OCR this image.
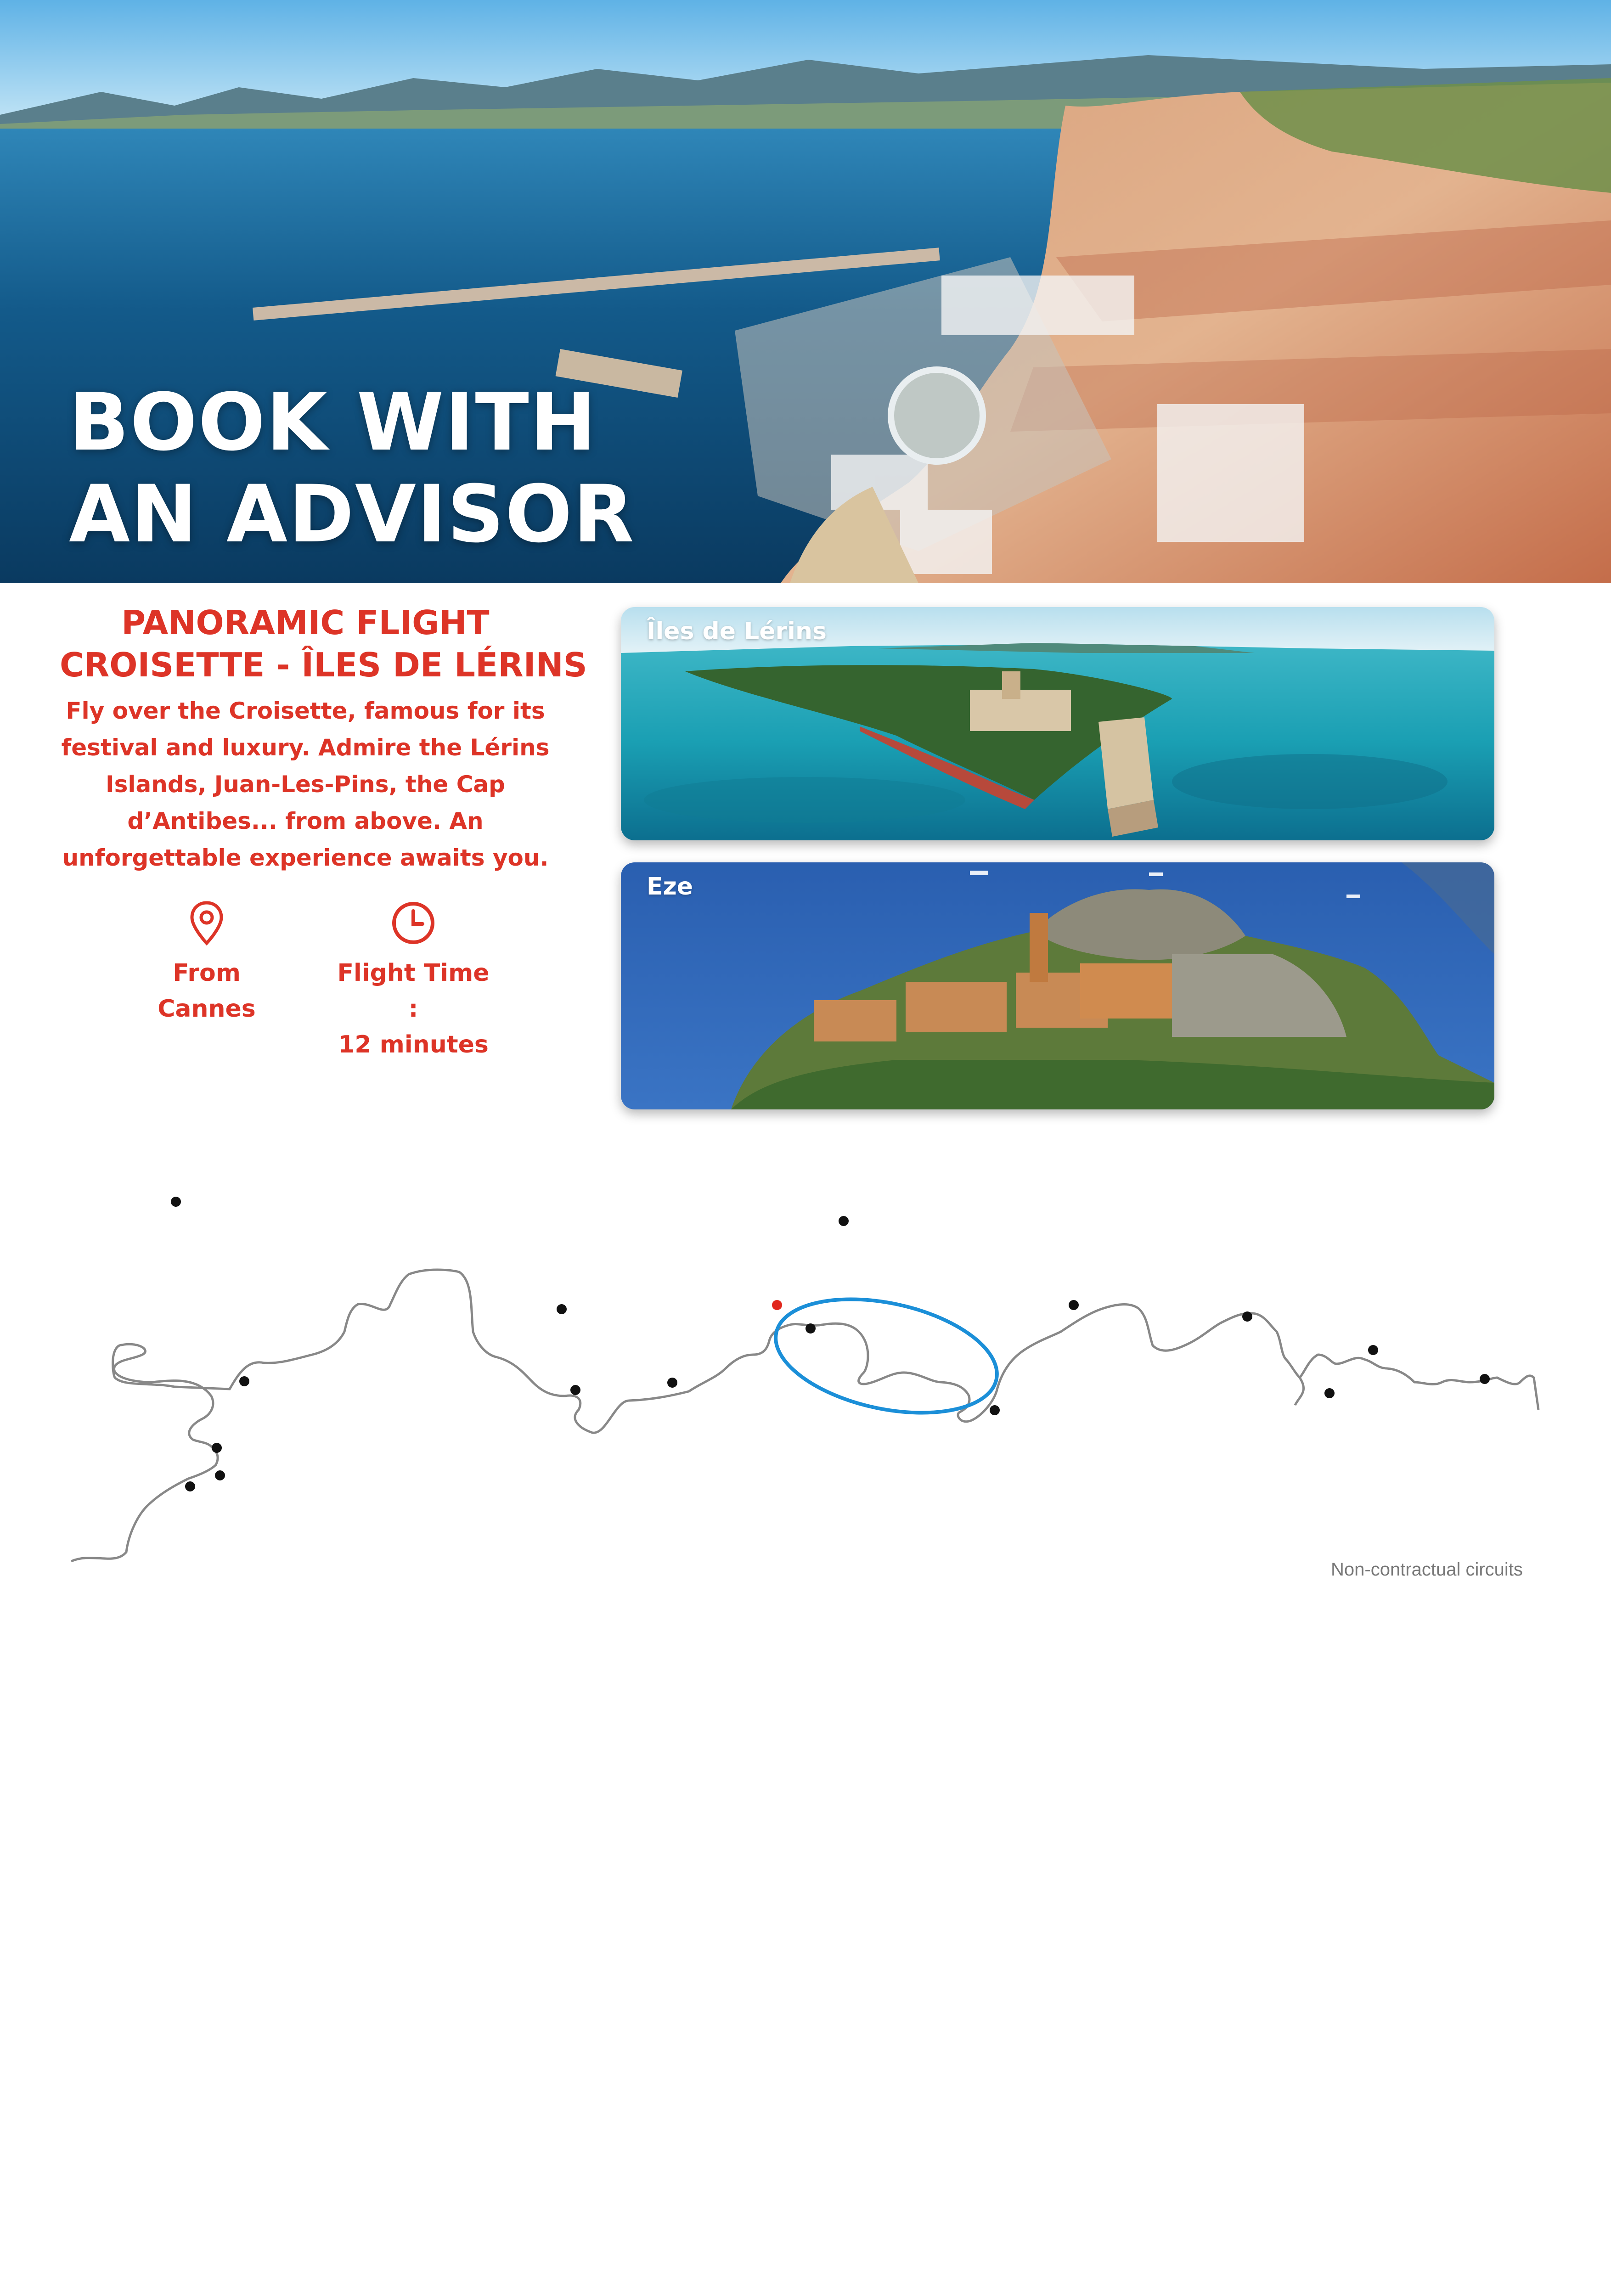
BOOK WITH
AN ADVISOR
PANORAMIC FLIGHT
CROISETTE - ÎLES DE LÉRINS

Fly over the Croisette, famous for its festival and luxury. Admire the Lérins Islands, Juan-Les-Pins, the Cap d’Antibes... from above. An unforgettable experience awaits you.

From
Cannes
Flight Time :
12 minutes
Îles de Lérins
Eze
Non-contractual circuits
